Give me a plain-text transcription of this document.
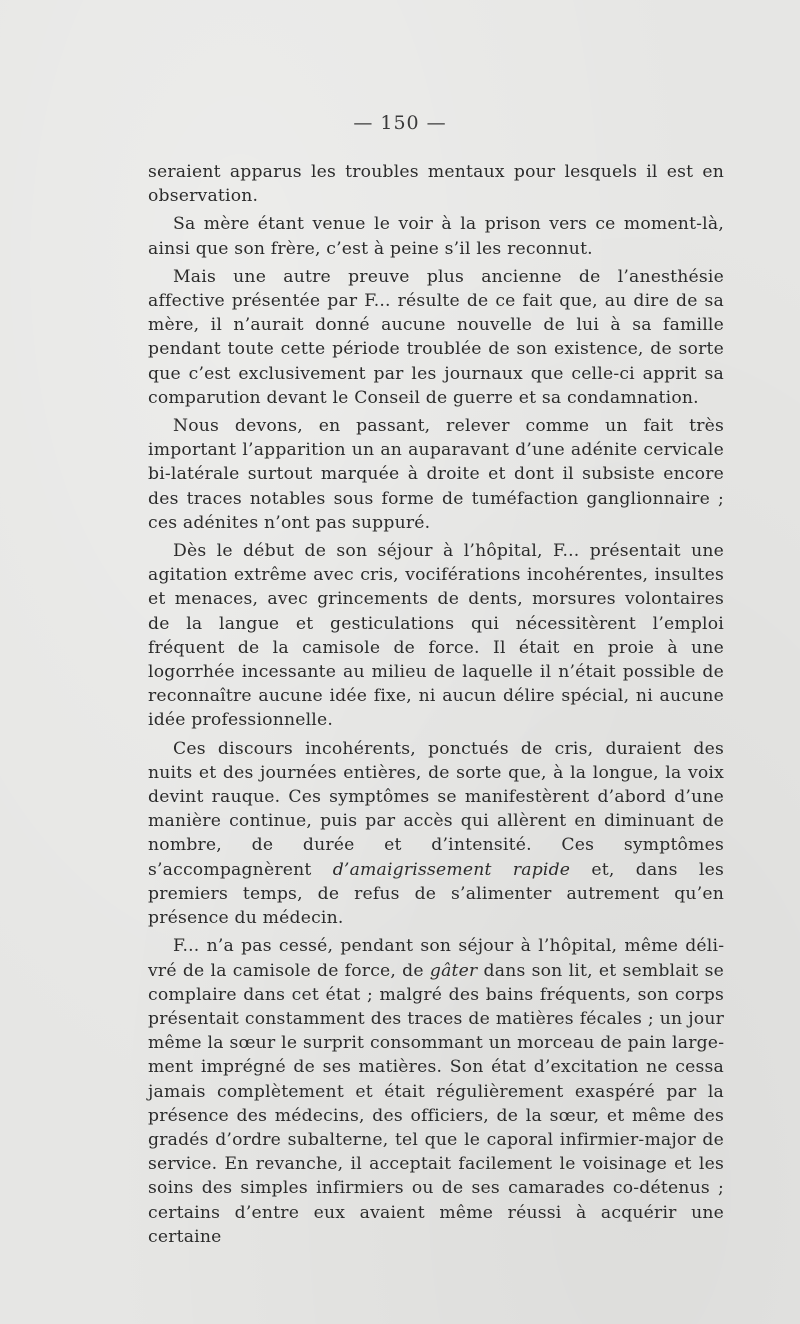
— 150 —

seraient apparus les troubles mentaux pour lesquels il est en observation.

Sa mère étant venue le voir à la prison vers ce moment-là, ainsi que son frère, c’est à peine s’il les reconnut.

Mais une autre preuve plus ancienne de l’anesthésie affective présentée par F... résulte de ce fait que, au dire de sa mère, il n’aurait donné aucune nouvelle de lui à sa famille pendant toute cette période troublée de son existence, de sorte que c’est exclusivement par les journaux que celle-ci apprit sa comparution devant le Conseil de guerre et sa condamnation.

Nous devons, en passant, relever comme un fait très important l’apparition un an auparavant d’une adénite cervicale bi-latérale surtout marquée à droite et dont il subsiste encore des traces notables sous forme de tuméfaction ganglionnaire ; ces adénites n’ont pas suppuré.

Dès le début de son séjour à l’hôpital, F... présentait une agitation extrême avec cris, vociférations incohérentes, insultes et menaces, avec grincements de dents, morsures volontaires de la langue et gesticulations qui nécessitèrent l’emploi fréquent de la camisole de force. Il était en proie à une logorrhée incessante au milieu de laquelle il n’était possible de reconnaître aucune idée fixe, ni aucun délire spécial, ni aucune idée professionnelle.

Ces discours incohérents, ponctués de cris, duraient des nuits et des journées entières, de sorte que, à la longue, la voix devint rauque. Ces symptômes se manifestèrent d’abord d’une manière continue, puis par accès qui allèrent en diminuant de nombre, de durée et d’intensité. Ces symptômes s’accompagnèrent d’amaigrissement rapide et, dans les premiers temps, de refus de s’alimenter autrement qu’en présence du médecin.

F... n’a pas cessé, pendant son séjour à l’hôpital, même délivré de la camisole de force, de gâter dans son lit, et semblait se complaire dans cet état ; malgré des bains fréquents, son corps présentait constamment des traces de matières fécales ; un jour même la sœur le surprit consommant un morceau de pain largement imprégné de ses matières. Son état d’excitation ne cessa jamais complètement et était régulièrement exaspéré par la présence des médecins, des officiers, de la sœur, et même des gradés d’ordre subalterne, tel que le caporal infirmier-major de service. En revanche, il acceptait facilement le voisinage et les soins des simples infirmiers ou de ses camarades co-détenus ; certains d’entre eux avaient même réussi à acquérir une certaine
